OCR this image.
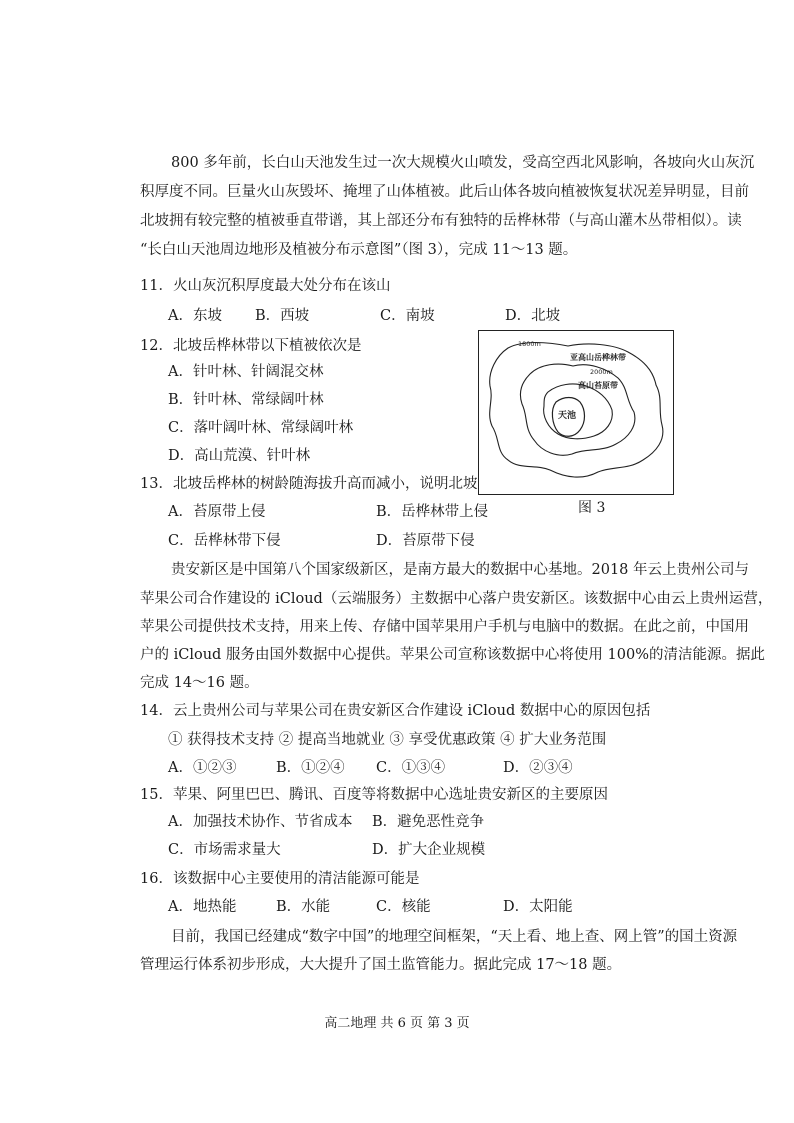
800 多年前，长白山天池发生过一次大规模火山喷发，受高空西北风影响，各坡向火山灰沉
积厚度不同。巨量火山灰毁坏、掩埋了山体植被。此后山体各坡向植被恢复状况差异明显，目前
北坡拥有较完整的植被垂直带谱，其上部还分布有独特的岳桦林带（与高山灌木丛带相似）。读
“长白山天池周边地形及植被分布示意图”（图 3），完成 11～13 题。
11．火山灰沉积厚度最大处分布在该山
A．东坡 B．西坡	C．南坡	D．北坡
12．北坡岳桦林带以下植被依次是
A．针叶林、针阔混交林
B．针叶林、常绿阔叶林
C．落叶阔叶林、常绿阔叶林
D．高山荒漠、针叶林
1800m
亚高山岳桦林带
2000m
高山苔原带
天池
图 3
13．北坡岳桦林的树龄随海拔升高而减小，说明北坡
A．苔原带上侵	B．岳桦林带上侵
C．岳桦林带下侵	D．苔原带下侵
贵安新区是中国第八个国家级新区，是南方最大的数据中心基地。2018 年云上贵州公司与
苹果公司合作建设的 iCloud（云端服务）主数据中心落户贵安新区。该数据中心由云上贵州运营，
苹果公司提供技术支持，用来上传、存储中国苹果用户手机与电脑中的数据。在此之前，中国用
户的 iCloud 服务由国外数据中心提供。苹果公司宣称该数据中心将使用 100%的清洁能源。据此
完成 14～16 题。
14．云上贵州公司与苹果公司在贵安新区合作建设 iCloud 数据中心的原因包括
① 获得技术支持 ② 提高当地就业 ③ 享受优惠政策 ④ 扩大业务范围
A．①②③	B．①②④ C．①③④	D．②③④
15．苹果、阿里巴巴、腾讯、百度等将数据中心选址贵安新区的主要原因
A．加强技术协作、节省成本 B．避免恶性竞争
C．市场需求量大	D．扩大企业规模
16．该数据中心主要使用的清洁能源可能是
A．地热能	B．水能	C．核能	D．太阳能
目前，我国已经建成“数字中国”的地理空间框架，“天上看、地上查、网上管”的国土资源
管理运行体系初步形成，大大提升了国土监管能力。据此完成 17～18 题。
高二地理 共 6 页 第 3 页
